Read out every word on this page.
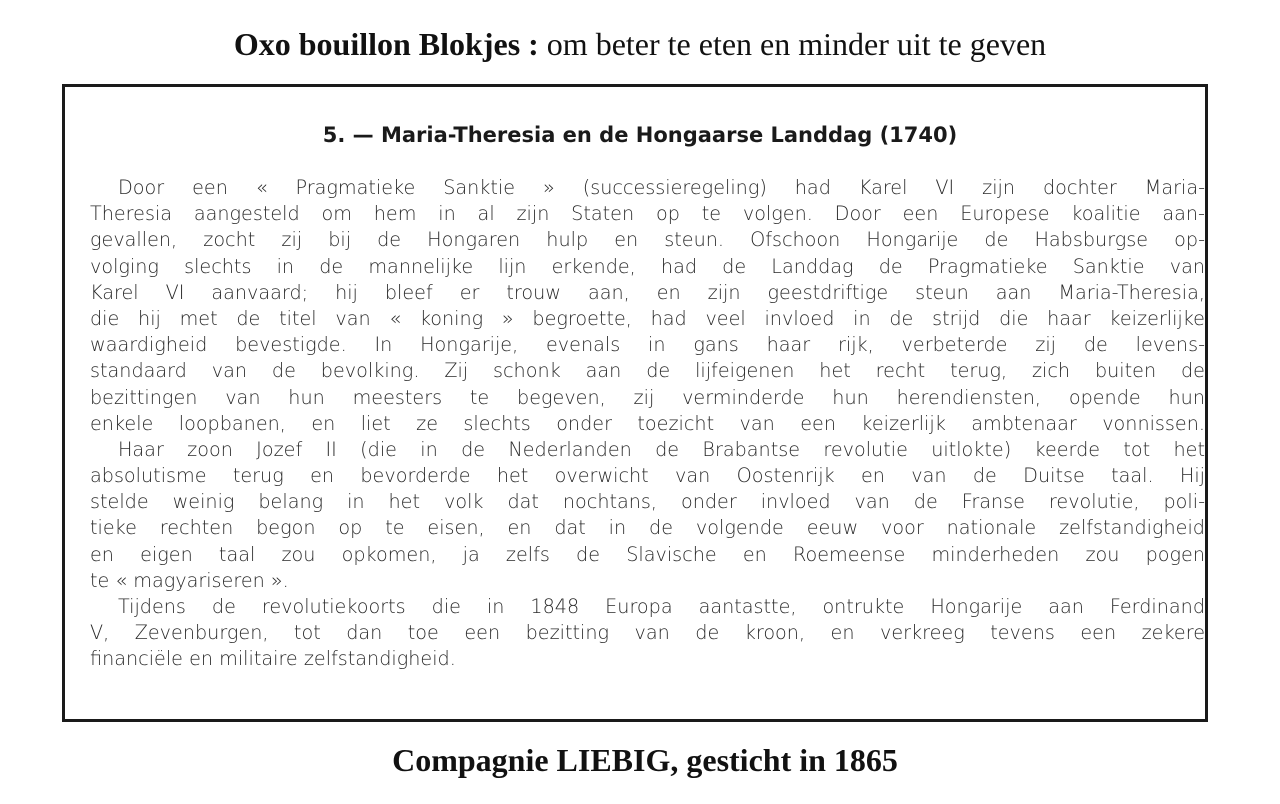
Oxo bouillon Blokjes : om beter te eten en minder uit te geven
5. — Maria-Theresia en de Hongaarse Landdag (1740)
Door een « Pragmatieke Sanktie » (successieregeling) had Karel VI zijn dochter Maria-
Theresia aangesteld om hem in al zijn Staten op te volgen. Door een Europese koalitie aan-
gevallen, zocht zij bij de Hongaren hulp en steun. Ofschoon Hongarije de Habsburgse op-
volging slechts in de mannelijke lijn erkende, had de Landdag de Pragmatieke Sanktie van
Karel VI aanvaard; hij bleef er trouw aan, en zijn geestdriftige steun aan Maria-Theresia,
die hij met de titel van « koning » begroette, had veel invloed in de strijd die haar keizerlijke
waardigheid bevestigde. In Hongarije, evenals in gans haar rijk, verbeterde zij de levens-
standaard van de bevolking. Zij schonk aan de lijfeigenen het recht terug, zich buiten de
bezittingen van hun meesters te begeven, zij verminderde hun herendiensten, opende hun
enkele loopbanen, en liet ze slechts onder toezicht van een keizerlijk ambtenaar vonnissen.
Haar zoon Jozef II (die in de Nederlanden de Brabantse revolutie uitlokte) keerde tot het
absolutisme terug en bevorderde het overwicht van Oostenrijk en van de Duitse taal. Hij
stelde weinig belang in het volk dat nochtans, onder invloed van de Franse revolutie, poli-
tieke rechten begon op te eisen, en dat in de volgende eeuw voor nationale zelfstandigheid
en eigen taal zou opkomen, ja zelfs de Slavische en Roemeense minderheden zou pogen
te « magyariseren ».
Tijdens de revolutiekoorts die in 1848 Europa aantastte, ontrukte Hongarije aan Ferdinand
V, Zevenburgen, tot dan toe een bezitting van de kroon, en verkreeg tevens een zekere
financiële en militaire zelfstandigheid.
Compagnie LIEBIG, gesticht in 1865
